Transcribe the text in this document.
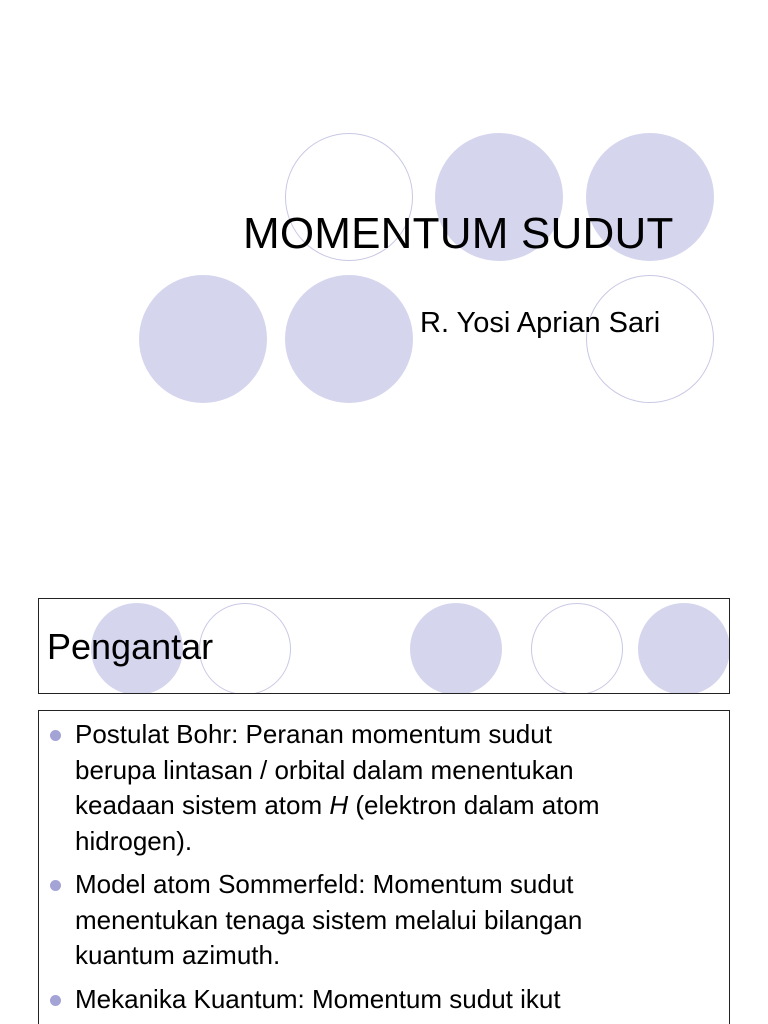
MOMENTUM SUDUT
R. Yosi Aprian Sari
Pengantar
Postulat Bohr: Peranan momentum sudut
berupa lintasan / orbital dalam menentukan
keadaan sistem atom H (elektron dalam atom
hidrogen).
Model atom Sommerfeld: Momentum sudut
menentukan tenaga sistem melalui bilangan
kuantum azimuth.
Mekanika Kuantum: Momentum sudut ikut
